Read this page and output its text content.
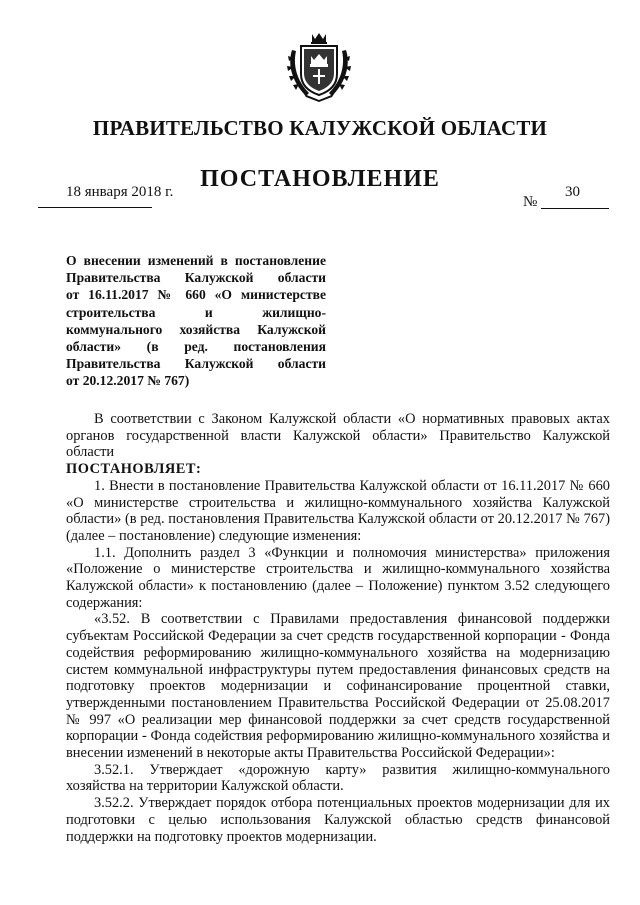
ПРАВИТЕЛЬСТВО КАЛУЖСКОЙ ОБЛАСТИ
ПОСТАНОВЛЕНИЕ
18 января 2018 г.
№
30
О внесении изменений в постановление
Правительства Калужской области
от 16.11.2017 № 660 «О министерстве
строительства и жилищно-
коммунального хозяйства Калужской
области» (в ред. постановления
Правительства Калужской области
от 20.12.2017 № 767)

В соответствии с Законом Калужской области «О нормативных правовых актах органов государственной власти Калужской области» Правительство Калужской области

ПОСТАНОВЛЯЕТ:

1. Внести в постановление Правительства Калужской области от 16.11.2017 № 660 «О министерстве строительства и жилищно-коммунального хозяйства Калужской области» (в ред. постановления Правительства Калужской области от 20.12.2017 № 767) (далее – постановление) следующие изменения:

1.1. Дополнить раздел 3 «Функции и полномочия министерства» приложения «Положение о министерстве строительства и жилищно-коммунального хозяйства Калужской области» к постановлению (далее – Положение) пунктом 3.52 следующего содержания:

«3.52. В соответствии с Правилами предоставления финансовой поддержки субъектам Российской Федерации за счет средств государственной корпорации - Фонда содействия реформированию жилищно-коммунального хозяйства на модернизацию систем коммунальной инфраструктуры путем предоставления финансовых средств на подготовку проектов модернизации и софинансирование процентной ставки, утвержденными постановлением Правительства Российской Федерации от 25.08.2017 № 997 «О реализации мер финансовой поддержки за счет средств государственной корпорации - Фонда содействия реформированию жилищно-коммунального хозяйства и внесении изменений в некоторые акты Правительства Российской Федерации»:

3.52.1. Утверждает «дорожную карту» развития жилищно-коммунального хозяйства на территории Калужской области.

3.52.2. Утверждает порядок отбора потенциальных проектов модернизации для их подготовки с целью использования Калужской областью средств финансовой поддержки на подготовку проектов модернизации.
